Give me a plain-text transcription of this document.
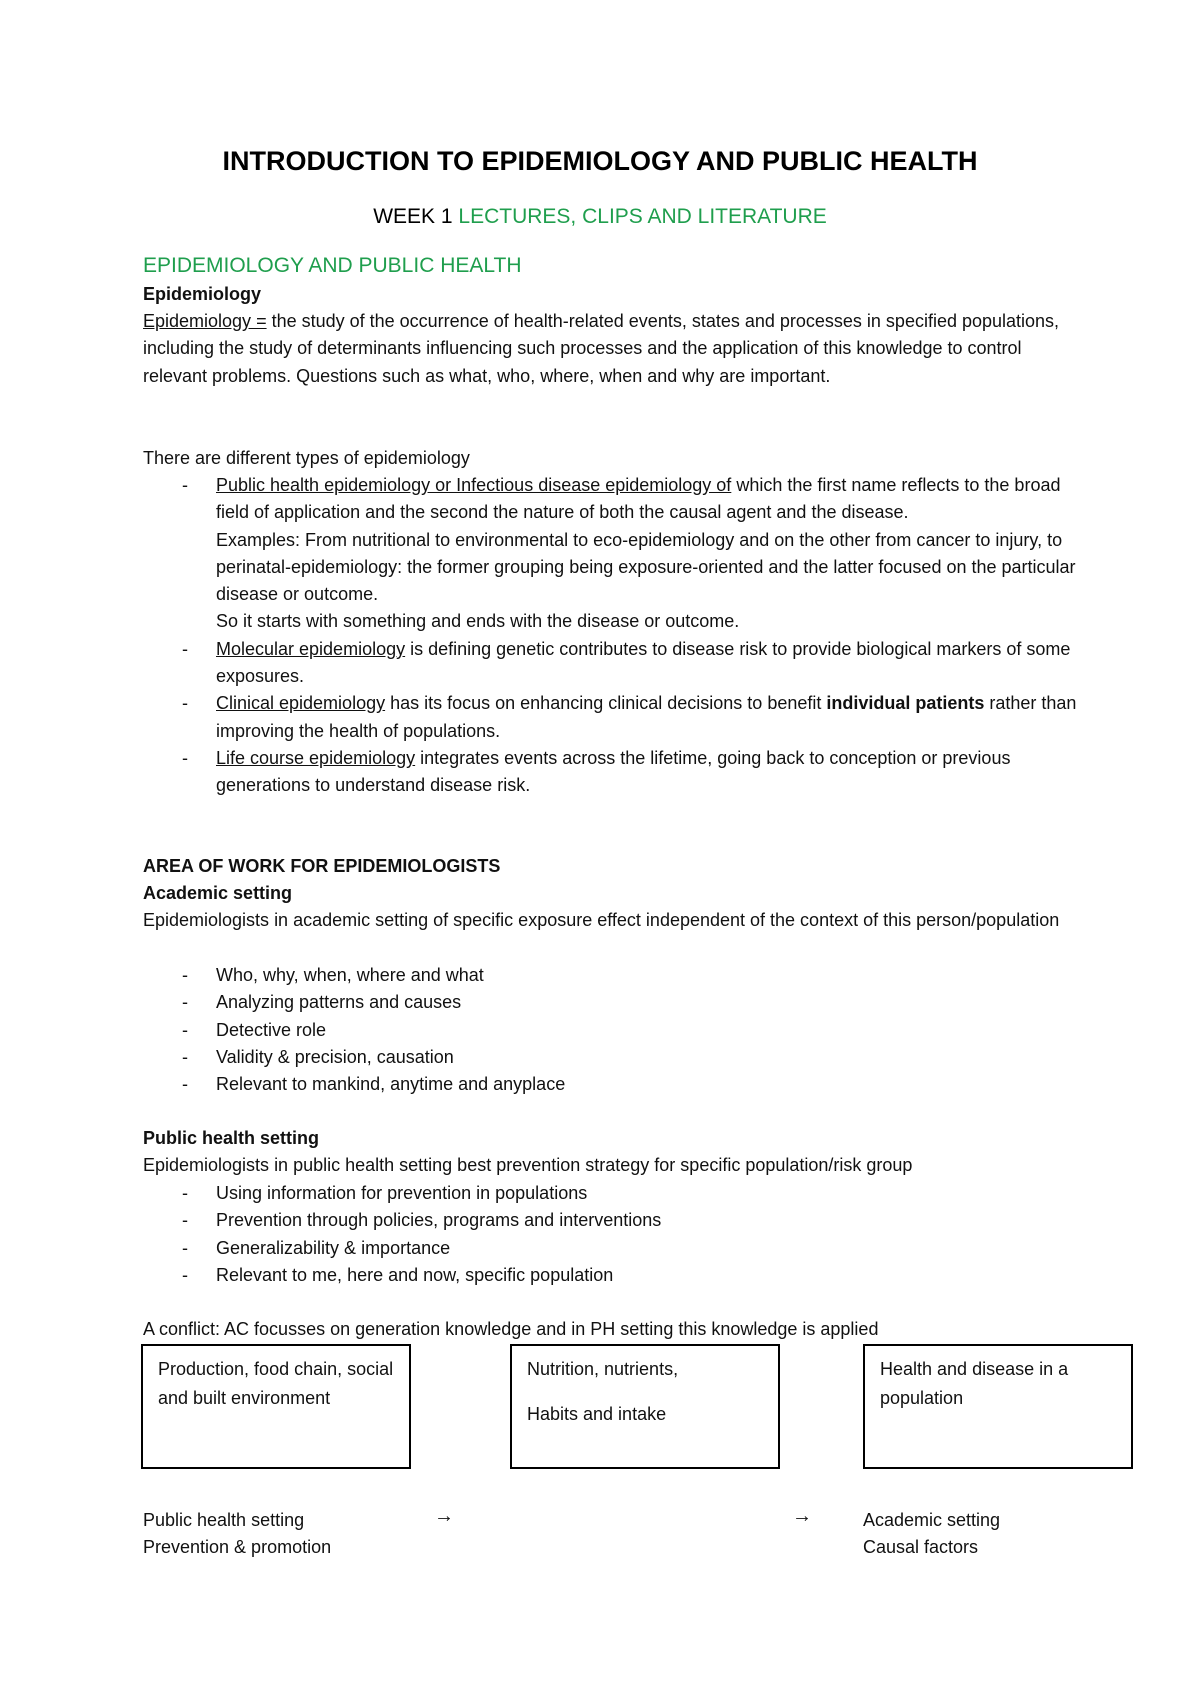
INTRODUCTION TO EPIDEMIOLOGY AND PUBLIC HEALTH
WEEK 1 LECTURES, CLIPS AND LITERATURE
EPIDEMIOLOGY AND PUBLIC HEALTH
Epidemiology

Epidemiology = the study of the occurrence of health-related events, states and processes in specified populations, including the study of determinants influencing such processes and the application of this knowledge to control relevant problems. Questions such as what, who, where, when and why are important.

There are different types of epidemiology
- Public health epidemiology or Infectious disease epidemiology of which the first name reflects to the broad field of application and the second the nature of both the causal agent and the disease.
Examples: From nutritional to environmental to eco-epidemiology and on the other from cancer to injury, to perinatal-epidemiology: the former grouping being exposure-oriented and the latter focused on the particular disease or outcome.
So it starts with something and ends with the disease or outcome.
- Molecular epidemiology is defining genetic contributes to disease risk to provide biological markers of some exposures.
- Clinical epidemiology has its focus on enhancing clinical decisions to benefit individual patients rather than improving the health of populations.
- Life course epidemiology integrates events across the lifetime, going back to conception or previous generations to understand disease risk.
AREA OF WORK FOR EPIDEMIOLOGISTS
Academic setting

Epidemiologists in academic setting of specific exposure effect independent of the context of this person/population

- Who, why, when, where and what
- Analyzing patterns and causes
- Detective role
- Validity & precision, causation
- Relevant to mankind, anytime and anyplace
Public health setting

Epidemiologists in public health setting best prevention strategy for specific population/risk group

- Using information for prevention in populations
- Prevention through policies, programs and interventions
- Generalizability & importance
- Relevant to me, here and now, specific population
A conflict: AC focusses on generation knowledge and in PH setting this knowledge is applied
Production, food chain, social and built environment
Nutrition, nutrients,
Habits and intake
Health and disease in a population
Public health setting
Prevention & promotion
→	→	Academic setting
Causal factors
